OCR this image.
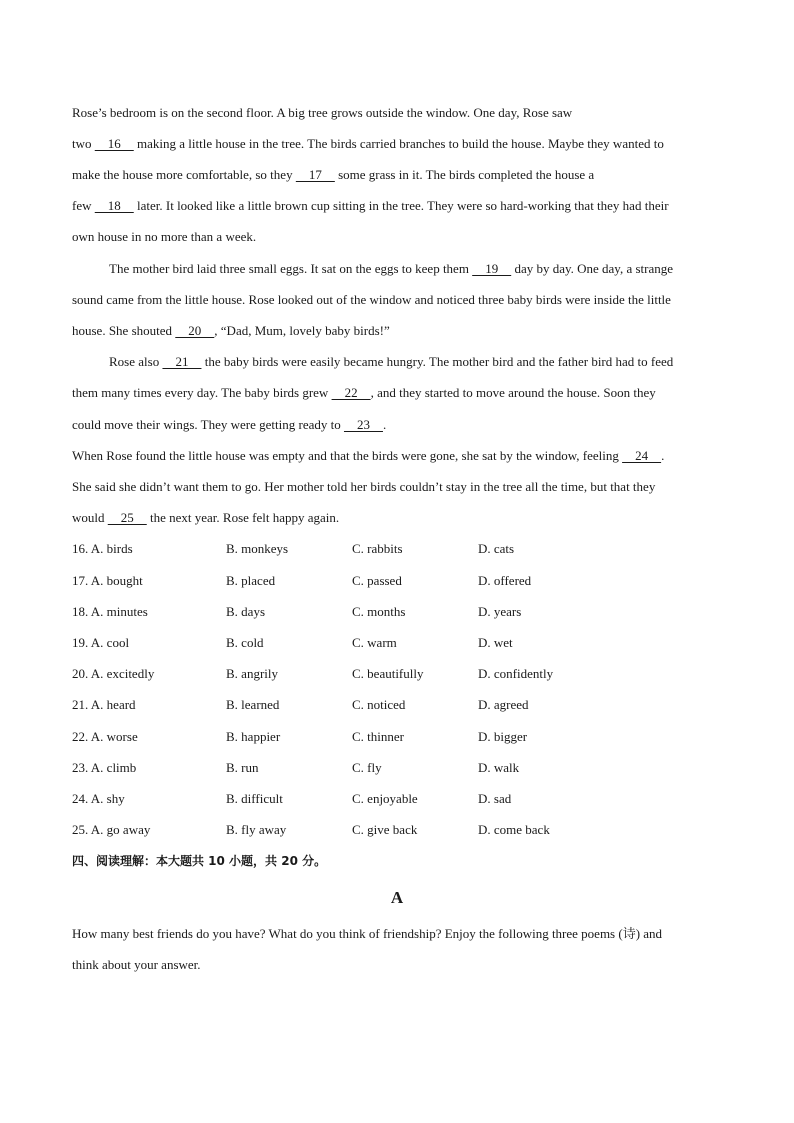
Rose’s bedroom is on the second floor. A big tree grows outside the window. One day, Rose saw
two     16     making a little house in the tree. The birds carried branches to build the house. Maybe they wanted to
make the house more comfortable, so they     17     some grass in it. The birds completed the house a
few     18     later. It looked like a little brown cup sitting in the tree. They were so hard-working that they had their
own house in no more than a week.
The mother bird laid three small eggs. It sat on the eggs to keep them     19     day by day. One day, a strange
sound came from the little house. Rose looked out of the window and noticed three baby birds were inside the little
house. She shouted     20    , “Dad, Mum, lovely baby birds!”
Rose also     21     the baby birds were easily became hungry. The mother bird and the father bird had to feed
them many times every day. The baby birds grew     22    , and they started to move around the house. Soon they
could move their wings. They were getting ready to     23    .
When Rose found the little house was empty and that the birds were gone, she sat by the window, feeling     24    .
She said she didn’t want them to go. Her mother told her birds couldn’t stay in the tree all the time, but that they
would     25     the next year. Rose felt happy again.
16. A. birds	B. monkeys	C. rabbits	D. cats
17. A. bought	B. placed	C. passed	D. offered
18. A. minutes	B. days	C. months	D. years
19. A. cool	B. cold	C. warm	D. wet
20. A. excitedly	B. angrily	C. beautifully	D. confidently
21. A. heard	B. learned	C. noticed	D. agreed
22. A. worse	B. happier	C. thinner	D. bigger
23. A. climb	B. run	C. fly	D. walk
24. A. shy	B. difficult	C. enjoyable	D. sad
25. A. go away	B. fly away	C. give back	D. come back
四、阅读理解：本大题共 10 小题，共 20 分。
A
How many best friends do you have? What do you think of friendship? Enjoy the following three poems (诗) and
think about your answer.
